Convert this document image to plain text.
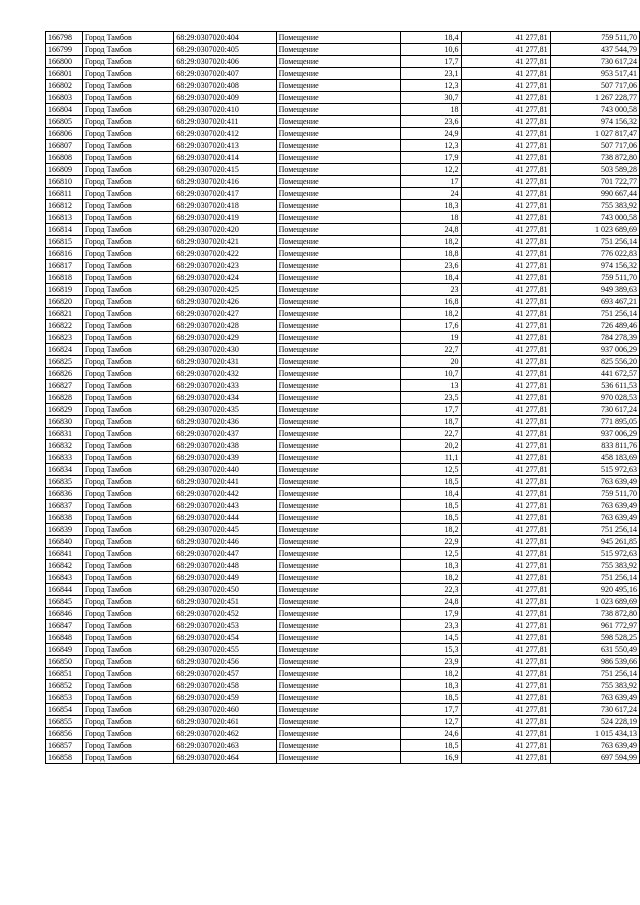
166798	Город Тамбов	68:29:0307020:404	Помещение	18,4	41 277,81	759 511,70
166799	Город Тамбов	68:29:0307020:405	Помещение	10,6	41 277,81	437 544,79
166800	Город Тамбов	68:29:0307020:406	Помещение	17,7	41 277,81	730 617,24
166801	Город Тамбов	68:29:0307020:407	Помещение	23,1	41 277,81	953 517,41
166802	Город Тамбов	68:29:0307020:408	Помещение	12,3	41 277,81	507 717,06
166803	Город Тамбов	68:29:0307020:409	Помещение	30,7	41 277,81	1 267 228,77
166804	Город Тамбов	68:29:0307020:410	Помещение	18	41 277,81	743 000,58
166805	Город Тамбов	68:29:0307020:411	Помещение	23,6	41 277,81	974 156,32
166806	Город Тамбов	68:29:0307020:412	Помещение	24,9	41 277,81	1 027 817,47
166807	Город Тамбов	68:29:0307020:413	Помещение	12,3	41 277,81	507 717,06
166808	Город Тамбов	68:29:0307020:414	Помещение	17,9	41 277,81	738 872,80
166809	Город Тамбов	68:29:0307020:415	Помещение	12,2	41 277,81	503 589,28
166810	Город Тамбов	68:29:0307020:416	Помещение	17	41 277,81	701 722,77
166811	Город Тамбов	68:29:0307020:417	Помещение	24	41 277,81	990 667,44
166812	Город Тамбов	68:29:0307020:418	Помещение	18,3	41 277,81	755 383,92
166813	Город Тамбов	68:29:0307020:419	Помещение	18	41 277,81	743 000,58
166814	Город Тамбов	68:29:0307020:420	Помещение	24,8	41 277,81	1 023 689,69
166815	Город Тамбов	68:29:0307020:421	Помещение	18,2	41 277,81	751 256,14
166816	Город Тамбов	68:29:0307020:422	Помещение	18,8	41 277,81	776 022,83
166817	Город Тамбов	68:29:0307020:423	Помещение	23,6	41 277,81	974 156,32
166818	Город Тамбов	68:29:0307020:424	Помещение	18,4	41 277,81	759 511,70
166819	Город Тамбов	68:29:0307020:425	Помещение	23	41 277,81	949 389,63
166820	Город Тамбов	68:29:0307020:426	Помещение	16,8	41 277,81	693 467,21
166821	Город Тамбов	68:29:0307020:427	Помещение	18,2	41 277,81	751 256,14
166822	Город Тамбов	68:29:0307020:428	Помещение	17,6	41 277,81	726 489,46
166823	Город Тамбов	68:29:0307020:429	Помещение	19	41 277,81	784 278,39
166824	Город Тамбов	68:29:0307020:430	Помещение	22,7	41 277,81	937 006,29
166825	Город Тамбов	68:29:0307020:431	Помещение	20	41 277,81	825 556,20
166826	Город Тамбов	68:29:0307020:432	Помещение	10,7	41 277,81	441 672,57
166827	Город Тамбов	68:29:0307020:433	Помещение	13	41 277,81	536 611,53
166828	Город Тамбов	68:29:0307020:434	Помещение	23,5	41 277,81	970 028,53
166829	Город Тамбов	68:29:0307020:435	Помещение	17,7	41 277,81	730 617,24
166830	Город Тамбов	68:29:0307020:436	Помещение	18,7	41 277,81	771 895,05
166831	Город Тамбов	68:29:0307020:437	Помещение	22,7	41 277,81	937 006,29
166832	Город Тамбов	68:29:0307020:438	Помещение	20,2	41 277,81	833 811,76
166833	Город Тамбов	68:29:0307020:439	Помещение	11,1	41 277,81	458 183,69
166834	Город Тамбов	68:29:0307020:440	Помещение	12,5	41 277,81	515 972,63
166835	Город Тамбов	68:29:0307020:441	Помещение	18,5	41 277,81	763 639,49
166836	Город Тамбов	68:29:0307020:442	Помещение	18,4	41 277,81	759 511,70
166837	Город Тамбов	68:29:0307020:443	Помещение	18,5	41 277,81	763 639,49
166838	Город Тамбов	68:29:0307020:444	Помещение	18,5	41 277,81	763 639,49
166839	Город Тамбов	68:29:0307020:445	Помещение	18,2	41 277,81	751 256,14
166840	Город Тамбов	68:29:0307020:446	Помещение	22,9	41 277,81	945 261,85
166841	Город Тамбов	68:29:0307020:447	Помещение	12,5	41 277,81	515 972,63
166842	Город Тамбов	68:29:0307020:448	Помещение	18,3	41 277,81	755 383,92
166843	Город Тамбов	68:29:0307020:449	Помещение	18,2	41 277,81	751 256,14
166844	Город Тамбов	68:29:0307020:450	Помещение	22,3	41 277,81	920 495,16
166845	Город Тамбов	68:29:0307020:451	Помещение	24,8	41 277,81	1 023 689,69
166846	Город Тамбов	68:29:0307020:452	Помещение	17,9	41 277,81	738 872,80
166847	Город Тамбов	68:29:0307020:453	Помещение	23,3	41 277,81	961 772,97
166848	Город Тамбов	68:29:0307020:454	Помещение	14,5	41 277,81	598 528,25
166849	Город Тамбов	68:29:0307020:455	Помещение	15,3	41 277,81	631 550,49
166850	Город Тамбов	68:29:0307020:456	Помещение	23,9	41 277,81	986 539,66
166851	Город Тамбов	68:29:0307020:457	Помещение	18,2	41 277,81	751 256,14
166852	Город Тамбов	68:29:0307020:458	Помещение	18,3	41 277,81	755 383,92
166853	Город Тамбов	68:29:0307020:459	Помещение	18,5	41 277,81	763 639,49
166854	Город Тамбов	68:29:0307020:460	Помещение	17,7	41 277,81	730 617,24
166855	Город Тамбов	68:29:0307020:461	Помещение	12,7	41 277,81	524 228,19
166856	Город Тамбов	68:29:0307020:462	Помещение	24,6	41 277,81	1 015 434,13
166857	Город Тамбов	68:29:0307020:463	Помещение	18,5	41 277,81	763 639,49
166858	Город Тамбов	68:29:0307020:464	Помещение	16,9	41 277,81	697 594,99
